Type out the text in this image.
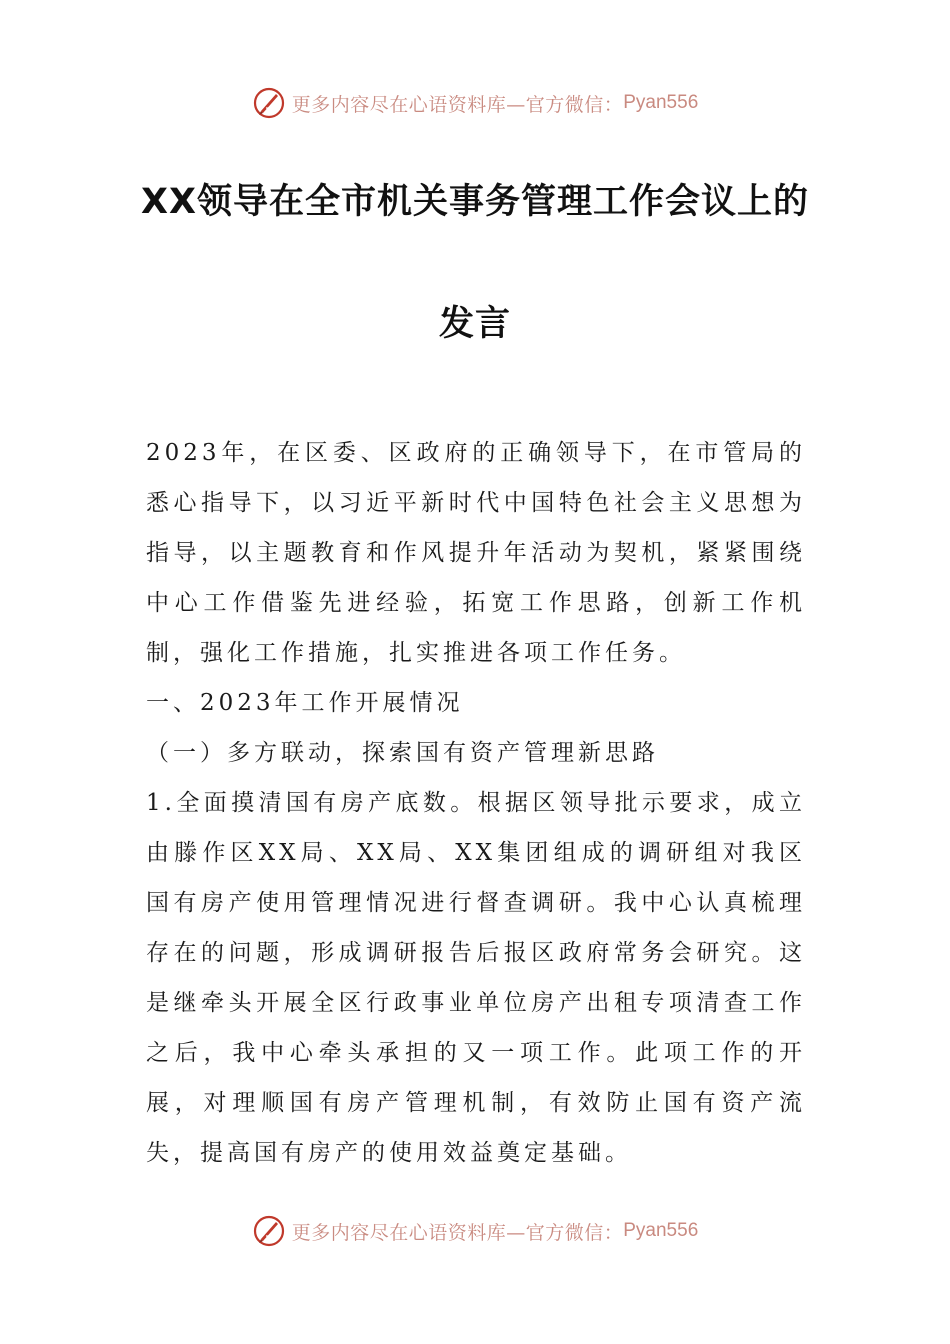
更多内容尽在心语资料库—官方微信： Pyan556
XX领导在全市机关事务管理工作会议上的
发言

2023年，在区委、区政府的正确领导下，在市管局的悉心指导下，以习近平新时代中国特色社会主义思想为指导，以主题教育和作风提升年活动为契机，紧紧围绕中心工作借鉴先进经验，拓宽工作思路，创新工作机制，强化工作措施，扎实推进各项工作任务。

一、2023年工作开展情况

（一）多方联动，探索国有资产管理新思路

1.全面摸清国有房产底数。根据区领导批示要求，成立由滕作区XX局、XX局、XX集团组成的调研组对我区国有房产使用管理情况进行督查调研。我中心认真梳理存在的问题，形成调研报告后报区政府常务会研究。这是继牵头开展全区行政事业单位房产出租专项清查工作之后，我中心牵头承担的又一项工作。此项工作的开展，对理顺国有房产管理机制，有效防止国有资产流失，提高国有房产的使用效益奠定基础。

更多内容尽在心语资料库—官方微信： Pyan556
